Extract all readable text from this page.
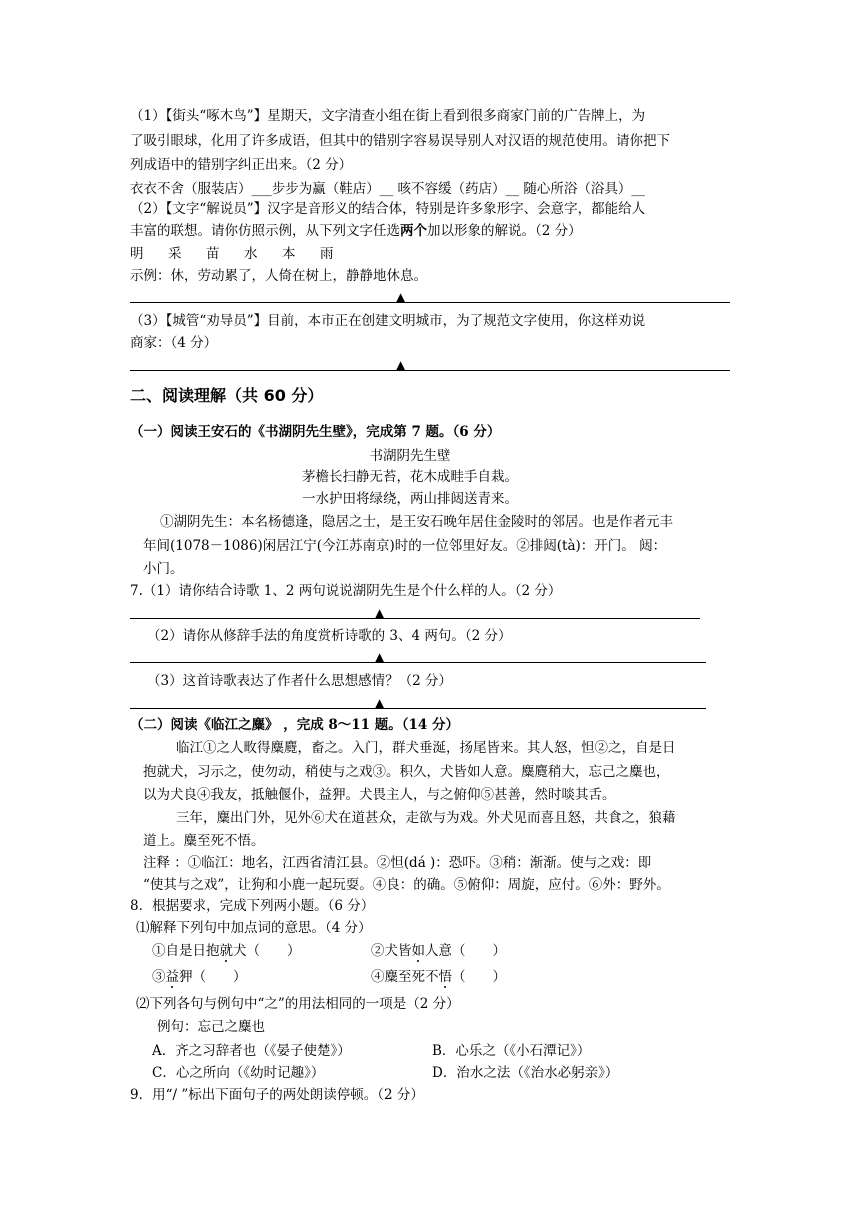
（1）【街头“啄木鸟”】星期天，文字清查小组在街上看到很多商家门前的广告牌上，为
了吸引眼球，化用了许多成语，但其中的错别字容易误导别人对汉语的规范使用。请你把下
列成语中的错别字纠正出来。（2 分）
衣衣不舍（服装店）___步步为赢（鞋店）__ 咳不容缓（药店）__ 随心所浴（浴具）__
（2）【文字“解说员”】汉字是音形义的结合体，特别是许多象形字、会意字，都能给人
丰富的联想。请你仿照示例，从下列文字任选两个加以形象的解说。（2 分）
明 采 苗 水 本 雨
示例：休，劳动累了，人倚在树上，静静地休息。
▲
（3）【城管“劝导员”】目前，本市正在创建文明城市，为了规范文字使用，你这样劝说
商家：（4 分）
▲
二、阅读理解（共 60 分）
（一）阅读王安石的《书湖阴先生壁》，完成第 7 题。（6 分）
书湖阴先生壁
茅檐长扫静无苔，花木成畦手自栽。
一水护田将绿绕，两山排闼送青来。
①湖阴先生：本名杨德逢，隐居之士，是王安石晚年居住金陵时的邻居。也是作者元丰
年间(1078－1086)闲居江宁(今江苏南京)时的一位邻里好友。②排闼(tà)：开门。 闼：
小门。
7.（1）请你结合诗歌 1、2 两句说说湖阴先生是个什么样的人。（2 分）
▲
（2）请你从修辞手法的角度赏析诗歌的 3、4 两句。（2 分）
▲
（3）这首诗歌表达了作者什么思想感情？（2 分）
▲
（二）阅读《临江之麋》 ，完成 8～11 题。（14 分）
临江①之人畋得麋麑，畜之。入门，群犬垂涎，扬尾皆来。其人怒，怛②之，自是日
抱就犬，习示之，使勿动，稍使与之戏③。积久，犬皆如人意。麋麑稍大，忘己之麋也，
以为犬良④我友，抵触偃仆，益狎。犬畏主人，与之俯仰⑤甚善，然时啖其舌。
三年，麋出门外，见外⑥犬在道甚众，走欲与为戏。外犬见而喜且怒，共食之，狼藉
道上。麋至死不悟。
注释 ：①临江：地名，江西省清江县。②怛(dá )：恐吓。③稍：渐渐。使与之戏：即
“使其与之戏”，让狗和小鹿一起玩耍。④良：的确。⑤俯仰：周旋，应付。⑥外：野外。
8．根据要求，完成下列两小题。（6 分）
⑴解释下列句中加点词的意思。（4 分）
①自是日抱就犬（　　）	②犬皆如人意（　　）
③益狎（　　）	④麋至死不悟（　　）
⑵下列各句与例句中“之”的用法相同的一项是（2 分）
例句：忘己之麋也
A．齐之习辞者也（《晏子使楚》）	B．心乐之（《小石潭记》）
C．心之所向（《幼时记趣》）	D．治水之法（《治水必躬亲》）
9．用“/ ”标出下面句子的两处朗读停顿。（2 分）
